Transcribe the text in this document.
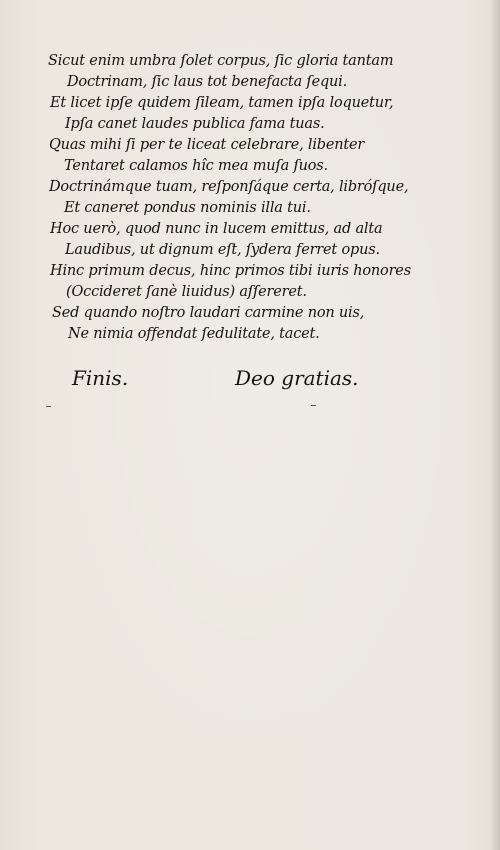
Sicut enim umbra ſolet corpus, ſic gloria tantam
Doctrinam, ſic laus tot benefacta ſequi.
Et licet ipſe quidem ſileam, tamen ipſa loquetur,
Ipſa canet laudes publica fama tuas.
Quas mihi ſi per te liceat celebrare, libenter
Tentaret calamos hîc mea muſa ſuos.
Doctrinámque tuam, reſponſáque certa, libróſque,
Et caneret pondus nominis illa tui.
Hoc uerò, quod nunc in lucem emittus, ad alta
Laudibus, ut dignum eſt, ſydera ferret opus.
Hinc primum decus, hinc primos tibi iuris honores
(Occideret ſanè liuidus) aſſereret.
Sed quando noſtro laudari carmine non uis,
Ne nimia offendat ſedulitate, tacet.
Finis.	Deo gratias.
